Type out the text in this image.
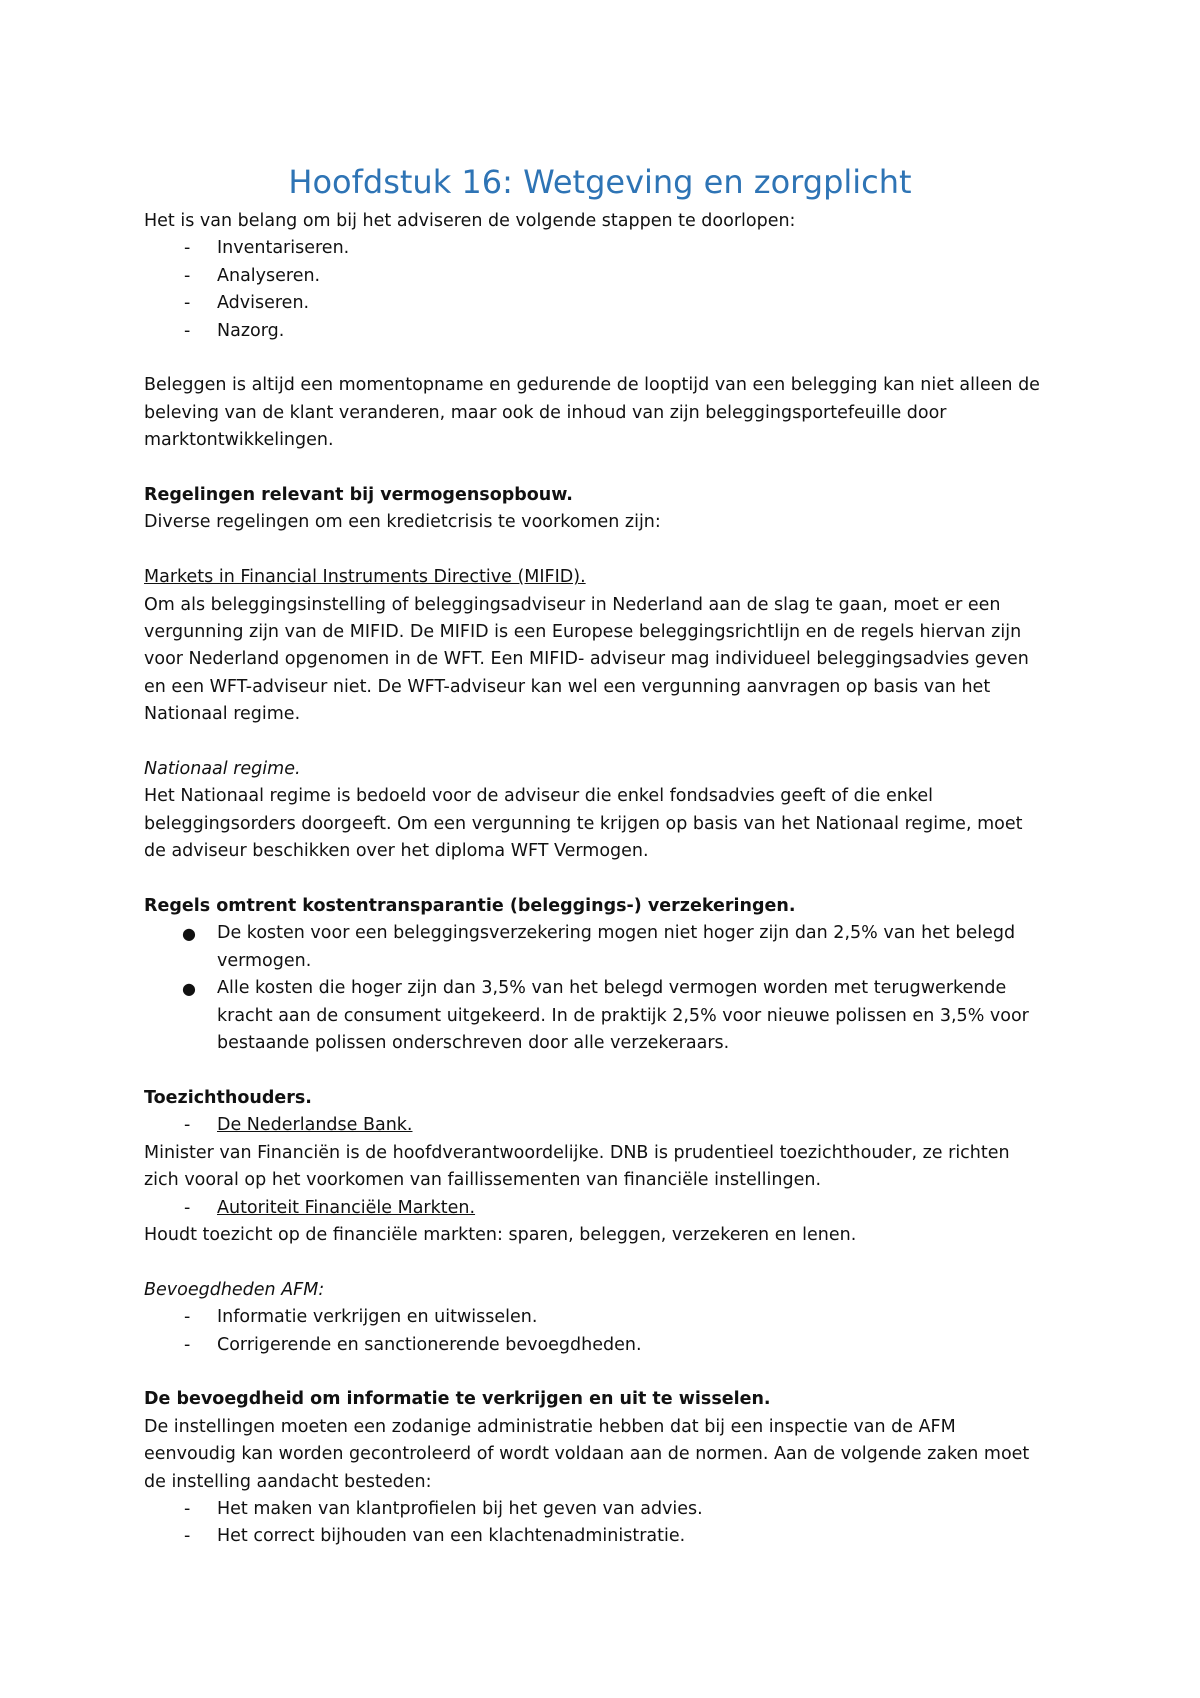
Hoofdstuk 16: Wetgeving en zorgplicht

Het is van belang om bij het adviseren de volgende stappen te doorlopen:

- Inventariseren.

- Analyseren.

- Adviseren.

- Nazorg.

Beleggen is altijd een momentopname en gedurende de looptijd van een belegging kan niet alleen de

beleving van de klant veranderen, maar ook de inhoud van zijn beleggingsportefeuille door

marktontwikkelingen.

Regelingen relevant bij vermogensopbouw.

Diverse regelingen om een kredietcrisis te voorkomen zijn:

Markets in Financial Instruments Directive (MIFID).

Om als beleggingsinstelling of beleggingsadviseur in Nederland aan de slag te gaan, moet er een

vergunning zijn van de MIFID. De MIFID is een Europese beleggingsrichtlijn en de regels hiervan zijn

voor Nederland opgenomen in de WFT. Een MIFID- adviseur mag individueel beleggingsadvies geven

en een WFT-adviseur niet. De WFT-adviseur kan wel een vergunning aanvragen op basis van het

Nationaal regime.

Nationaal regime.

Het Nationaal regime is bedoeld voor de adviseur die enkel fondsadvies geeft of die enkel

beleggingsorders doorgeeft. Om een vergunning te krijgen op basis van het Nationaal regime, moet

de adviseur beschikken over het diploma WFT Vermogen.

Regels omtrent kostentransparantie (beleggings-) verzekeringen.

● De kosten voor een beleggingsverzekering mogen niet hoger zijn dan 2,5% van het belegd

vermogen.

● Alle kosten die hoger zijn dan 3,5% van het belegd vermogen worden met terugwerkende

kracht aan de consument uitgekeerd. In de praktijk 2,5% voor nieuwe polissen en 3,5% voor

bestaande polissen onderschreven door alle verzekeraars.

Toezichthouders.

- De Nederlandse Bank.

Minister van Financiën is de hoofdverantwoordelijke. DNB is prudentieel toezichthouder, ze richten

zich vooral op het voorkomen van faillissementen van financiële instellingen.

- Autoriteit Financiële Markten.

Houdt toezicht op de financiële markten: sparen, beleggen, verzekeren en lenen.

Bevoegdheden AFM:

- Informatie verkrijgen en uitwisselen.

- Corrigerende en sanctionerende bevoegdheden.

De bevoegdheid om informatie te verkrijgen en uit te wisselen.

De instellingen moeten een zodanige administratie hebben dat bij een inspectie van de AFM

eenvoudig kan worden gecontroleerd of wordt voldaan aan de normen. Aan de volgende zaken moet

de instelling aandacht besteden:

- Het maken van klantprofielen bij het geven van advies.

- Het correct bijhouden van een klachtenadministratie.
